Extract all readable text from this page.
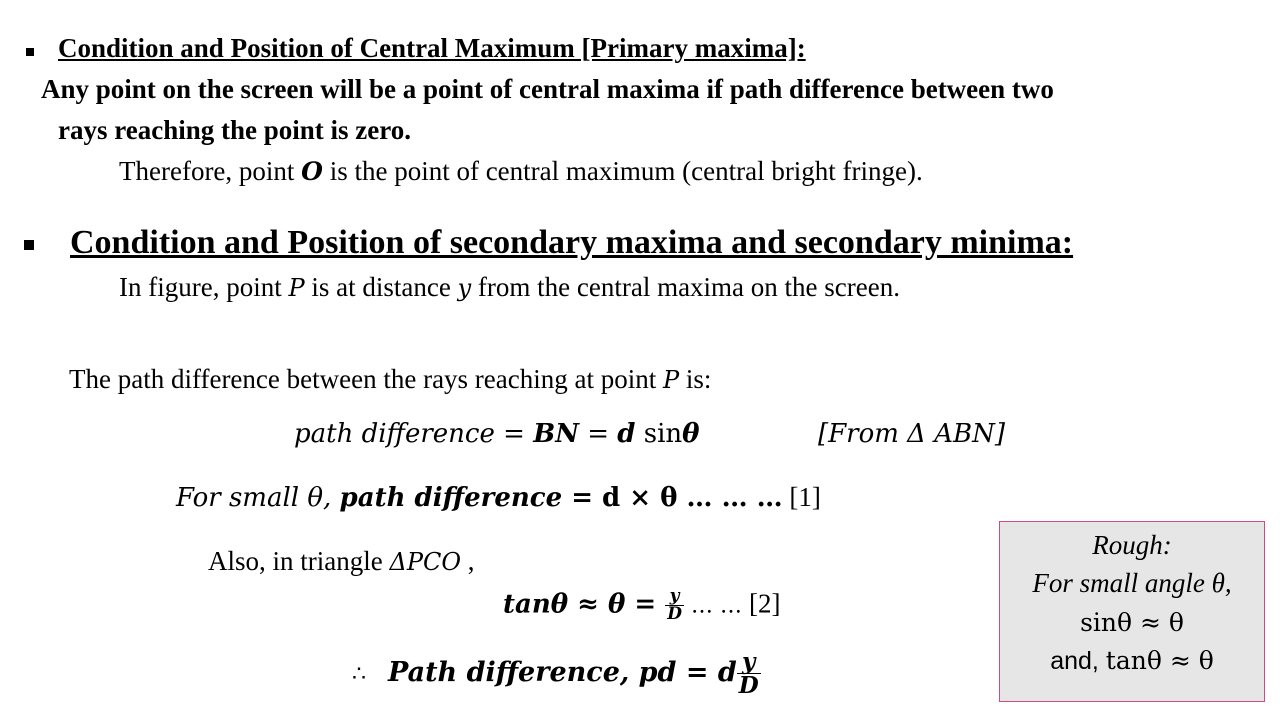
Condition and Position of Central Maximum [Primary maxima]:
Any point on the screen will be a point of central maxima if path difference between two
rays reaching the point is zero.
Therefore, point O is the point of central maximum (central bright fringe).
Condition and Position of secondary maxima and secondary minima:
In figure, point P is at distance y from the central maxima on the screen.
The path difference between the rays reaching at point P is:
path difference = BN = d sinθ	[From Δ ABN]
For small θ, path difference = d × θ … … … [1]
Also, in triangle ΔPCO ,
$\tan\theta \approx \theta = \frac{y}{D}$ … … [2]
∴ Path difference, pd = d $\frac{y}{D}$
Rough:
For small angle θ,
sinθ ≈ θ
and, tanθ ≈ θ
